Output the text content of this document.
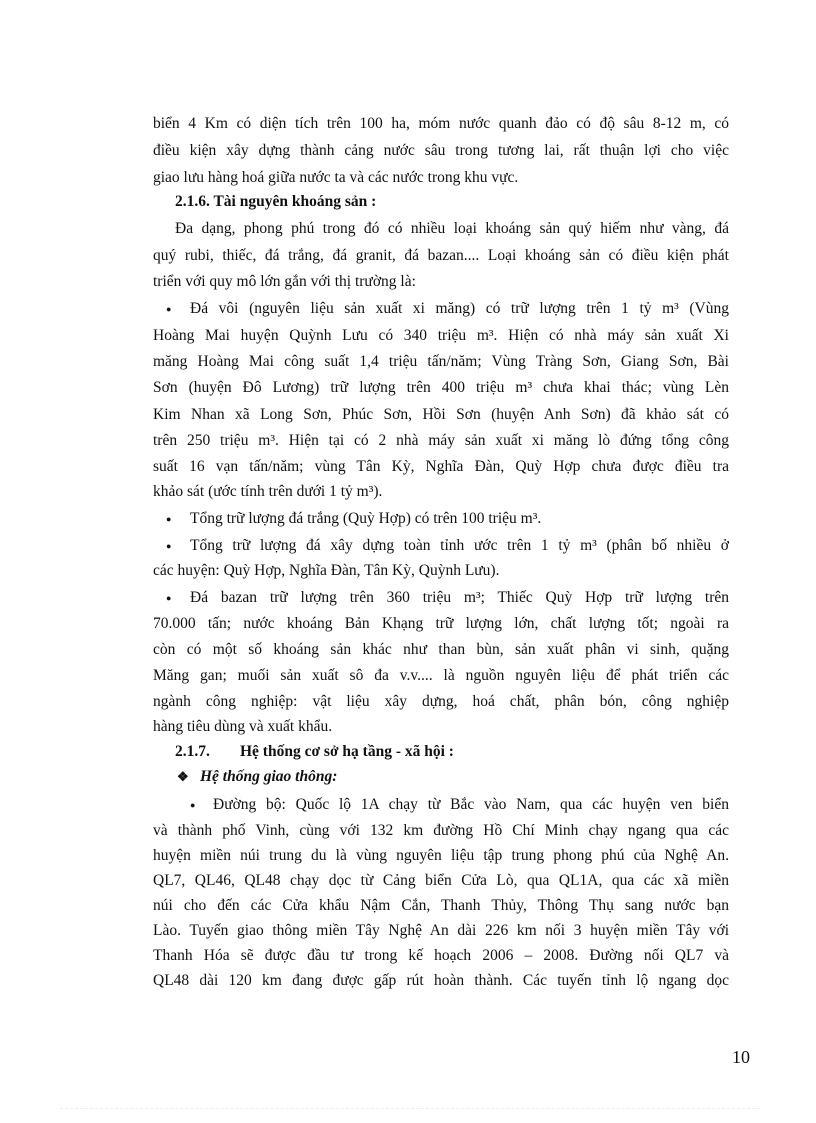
biển 4 Km có diện tích trên 100 ha, móm nước quanh đảo có độ sâu 8-12 m, có
điều kiện xây dựng thành cảng nước sâu trong tương lai, rất thuận lợi cho việc
giao lưu hàng hoá giữa nước ta và các nước trong khu vực.
2.1.6. Tài nguyên khoáng sản :
Đa dạng, phong phú trong đó có nhiều loại khoáng sản quý hiếm như vàng, đá
quý rubi, thiếc, đá trắng, đá granit, đá bazan.... Loại khoáng sản có điều kiện phát
triển với quy mô lớn gắn với thị trường là:
● Đá vôi (nguyên liệu sản xuất xi măng) có trữ lượng trên 1 tỷ m³ (Vùng
Hoàng Mai huyện Quỳnh Lưu có 340 triệu m³. Hiện có nhà máy sản xuất Xi
măng Hoàng Mai công suất 1,4 triệu tấn/năm; Vùng Tràng Sơn, Giang Sơn, Bài
Sơn (huyện Đô Lương) trữ lượng trên 400 triệu m³ chưa khai thác; vùng Lèn
Kim Nhan xã Long Sơn, Phúc Sơn, Hồi Sơn (huyện Anh Sơn) đã khảo sát có
trên 250 triệu m³. Hiện tại có 2 nhà máy sản xuất xi măng lò đứng tổng công
suất 16 vạn tấn/năm; vùng Tân Kỳ, Nghĩa Đàn, Quỳ Hợp chưa được điều tra
khảo sát (ước tính trên dưới 1 tỷ m³).
● Tổng trữ lượng đá trắng (Quỳ Hợp) có trên 100 triệu m³.
● Tổng trữ lượng đá xây dựng toàn tỉnh ước trên 1 tỷ m³ (phân bố nhiều ở
các huyện: Quỳ Hợp, Nghĩa Đàn, Tân Kỳ, Quỳnh Lưu).
● Đá bazan trữ lượng trên 360 triệu m³; Thiếc Quỳ Hợp trữ lượng trên
70.000 tấn; nước khoáng Bản Khạng trữ lượng lớn, chất lượng tốt; ngoài ra
còn có một số khoáng sản khác như than bùn, sản xuất phân vi sinh, quặng
Măng gan; muối sản xuất sô đa v.v.... là nguồn nguyên liệu để phát triển các
ngành công nghiệp: vật liệu xây dựng, hoá chất, phân bón, công nghiệp
hàng tiêu dùng và xuất khẩu.
2.1.7.	Hệ thống cơ sở hạ tầng - xã hội :
❖ Hệ thống giao thông:
● Đường bộ: Quốc lộ 1A chạy từ Bắc vào Nam, qua các huyện ven biển
và thành phố Vinh, cùng với 132 km đường Hồ Chí Minh chạy ngang qua các
huyện miền núi trung du là vùng nguyên liệu tập trung phong phú của Nghệ An.
QL7, QL46, QL48 chạy dọc từ Cảng biển Cửa Lò, qua QL1A, qua các xã miền
núi cho đến các Cửa khẩu Nậm Cắn, Thanh Thủy, Thông Thụ sang nước bạn
Lào. Tuyến giao thông miền Tây Nghệ An dài 226 km nối 3 huyện miền Tây với
Thanh Hóa sẽ được đầu tư trong kế hoạch 2006 – 2008. Đường nối QL7 và
QL48 dài 120 km đang được gấp rút hoàn thành. Các tuyến tỉnh lộ ngang dọc
10
